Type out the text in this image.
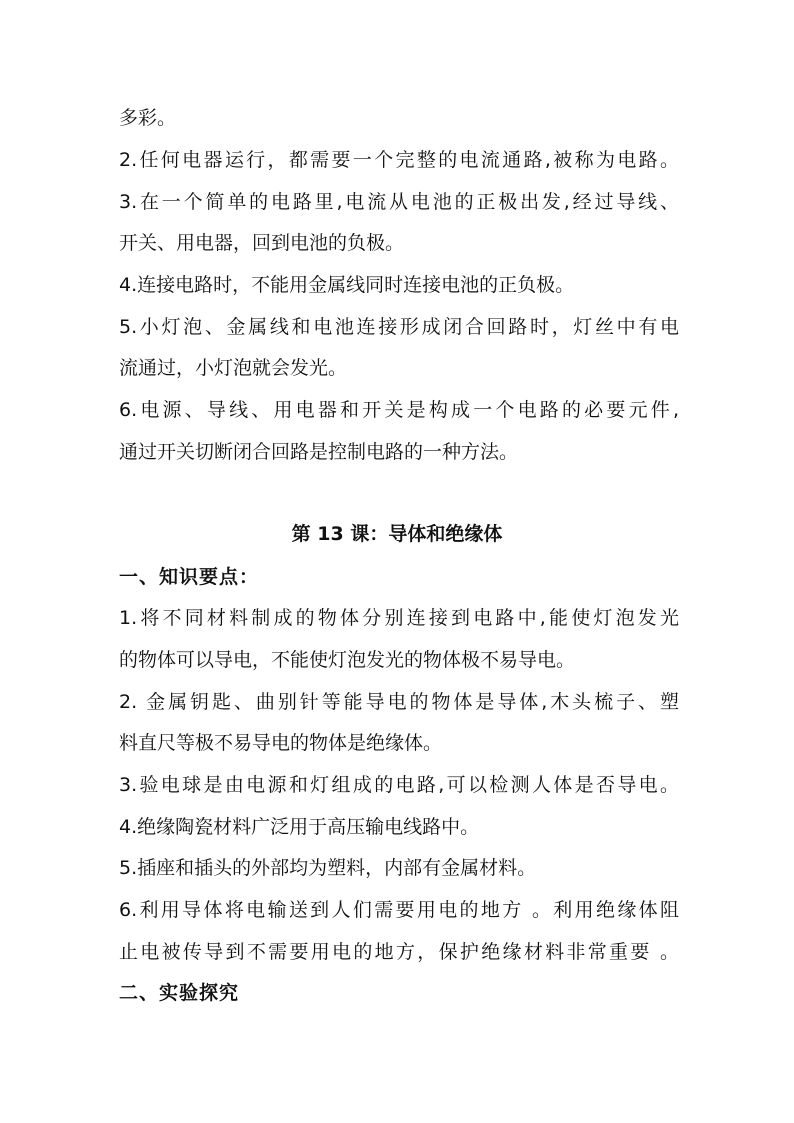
多彩。
2.任何电器运行，都需要一个完整的电流通路,被称为电路。
3.在一个简单的电路里,电流从电池的正极出发,经过导线、
开关、用电器，回到电池的负极。
4.连接电路时，不能用金属线同时连接电池的正负极。
5.小灯泡、金属线和电池连接形成闭合回路时，灯丝中有电
流通过，小灯泡就会发光。
6.电源、导线、用电器和开关是构成一个电路的必要元件,
通过开关切断闭合回路是控制电路的一种方法。
第 13 课：导体和绝缘体
一、知识要点：
1.将不同材料制成的物体分别连接到电路中,能使灯泡发光
的物体可以导电，不能使灯泡发光的物体极不易导电。
2. 金属钥匙、曲别针等能导电的物体是导体,木头梳子、塑
料直尺等极不易导电的物体是绝缘体。
3.验电球是由电源和灯组成的电路,可以检测人体是否导电。
4.绝缘陶瓷材料广泛用于高压输电线路中。
5.插座和插头的外部均为塑料，内部有金属材料。
6.利用导体将电输送到人们需要用电的地方 。利用绝缘体阻
止电被传导到不需要用电的地方，保护绝缘材料非常重要 。
二、实验探究
